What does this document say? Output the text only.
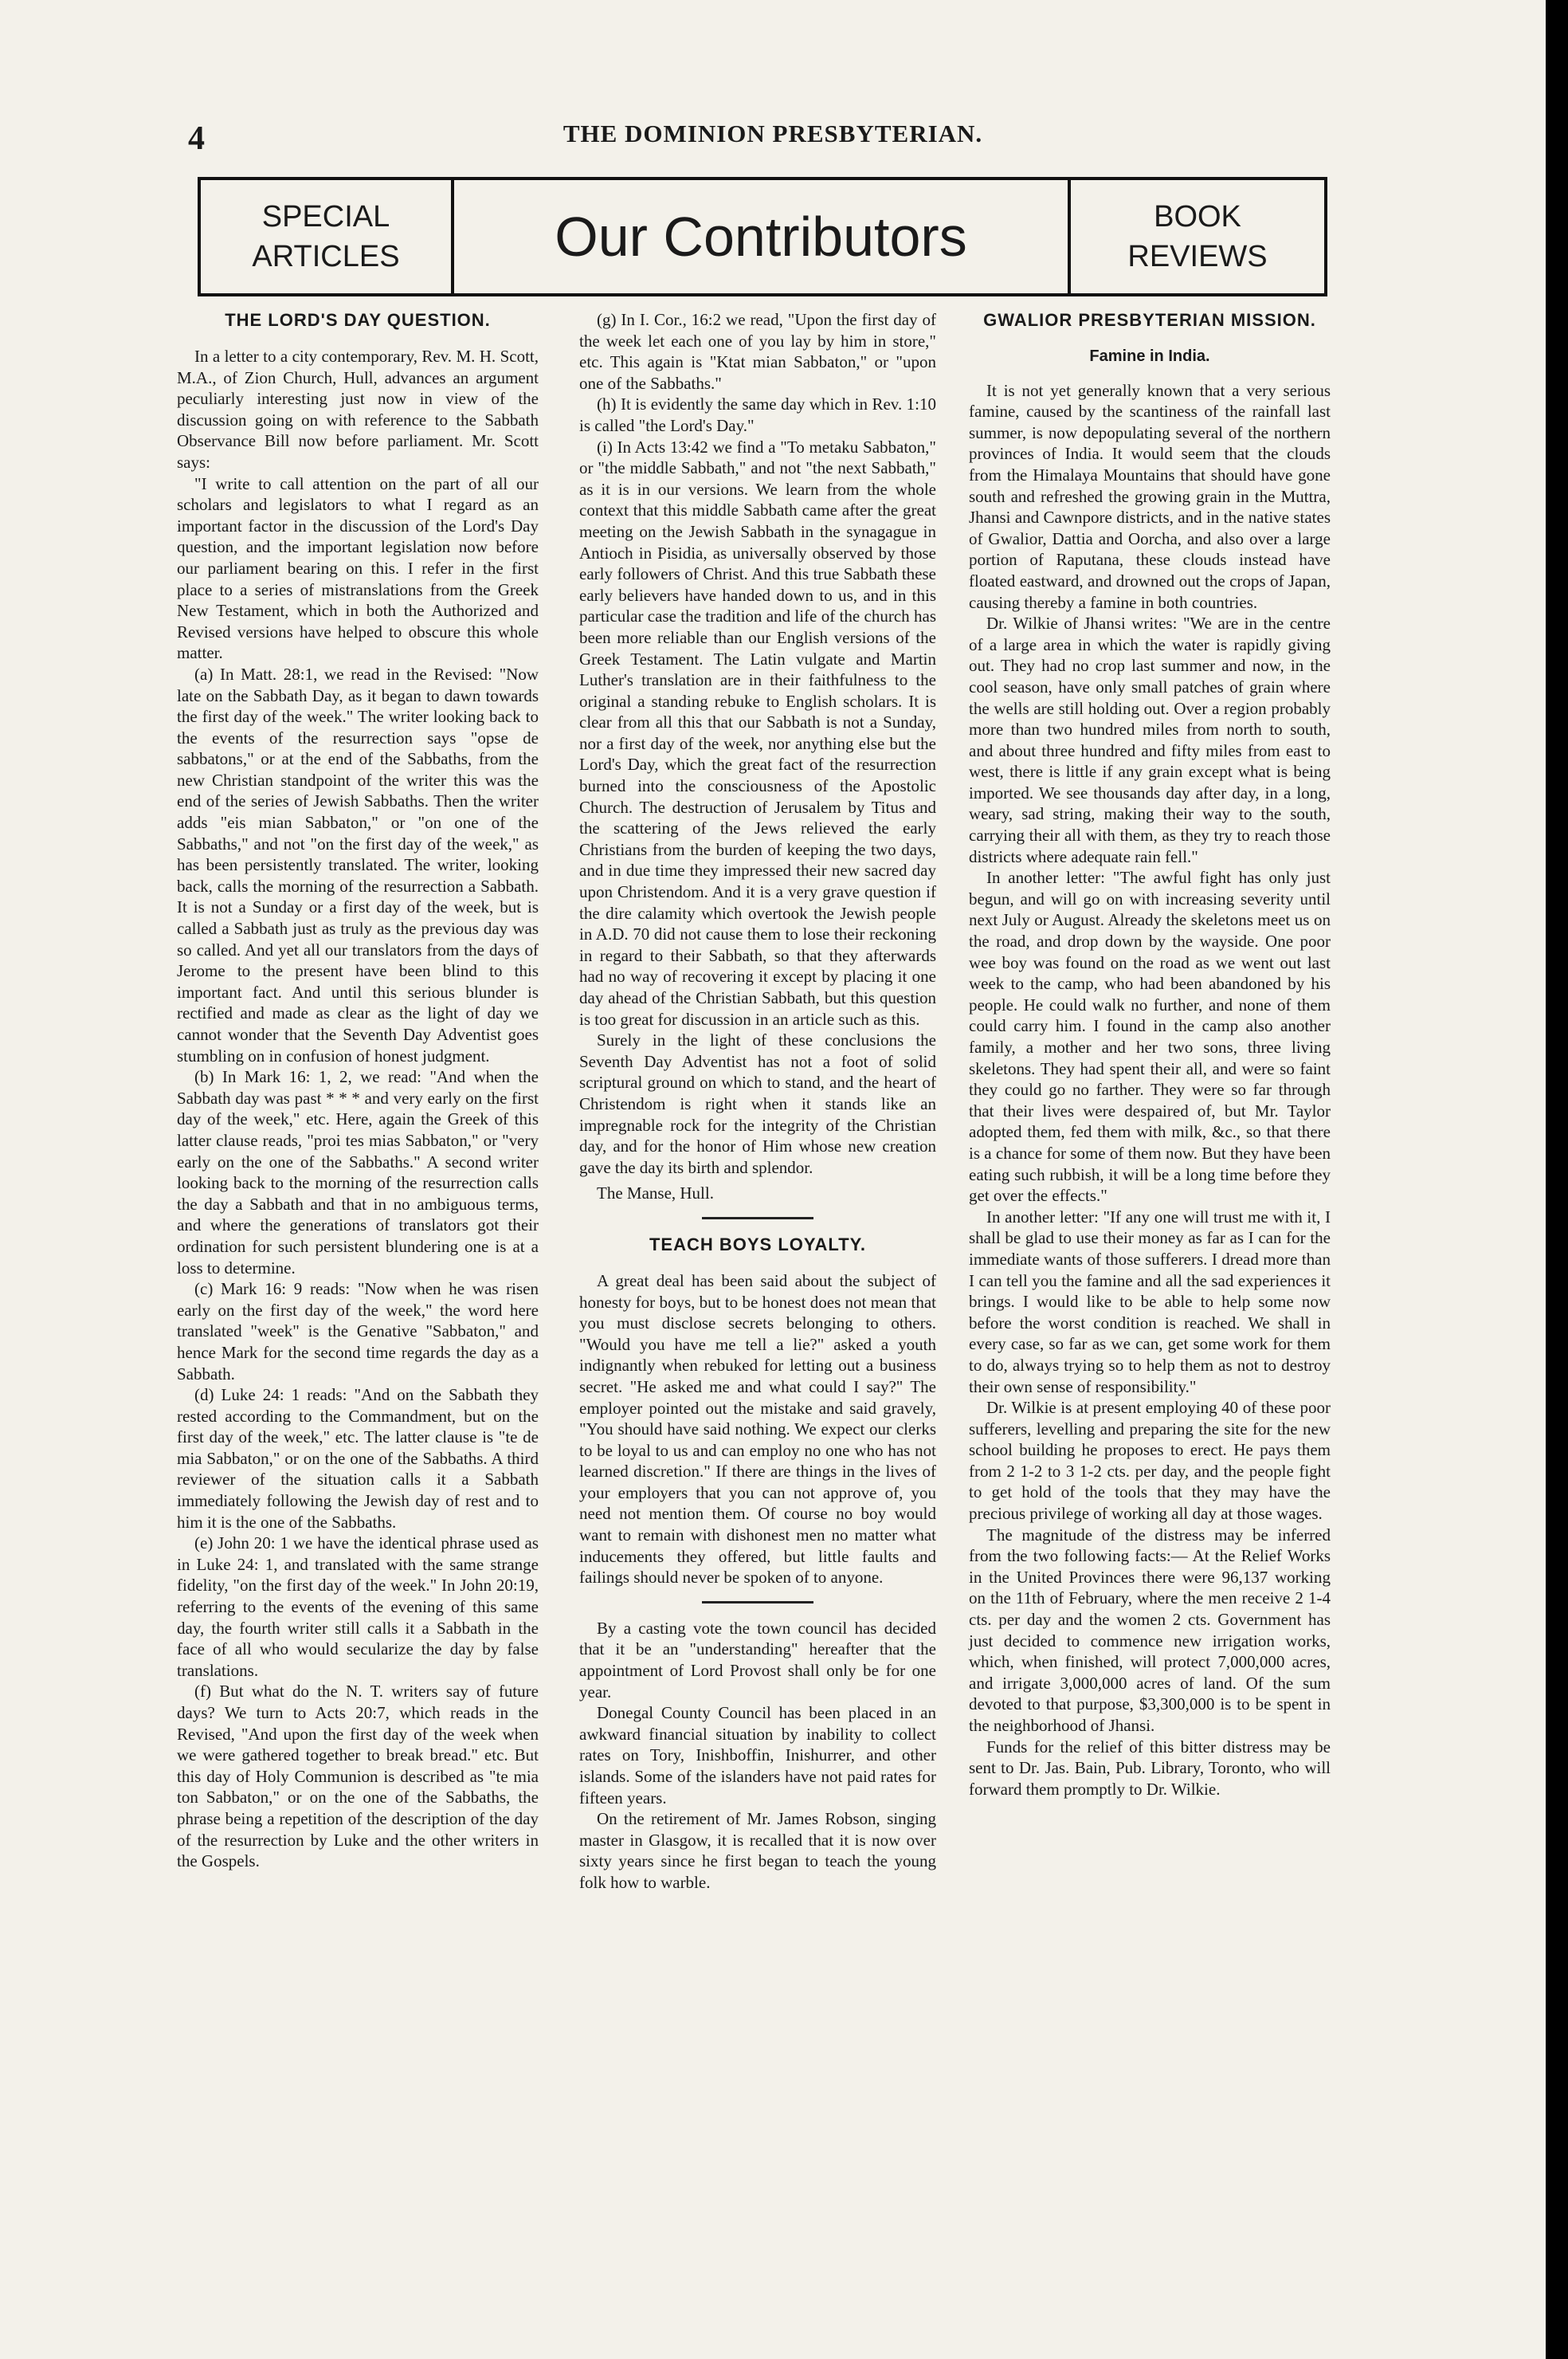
4	THE DOMINION PRESBYTERIAN.
SPECIAL
ARTICLES	Our Contributors	BOOK
REVIEWS
THE LORD'S DAY QUESTION.

In a letter to a city contemporary, Rev. M. H. Scott, M.A., of Zion Church, Hull, advances an argument peculiarly interesting just now in view of the discussion going on with reference to the Sabbath Observance Bill now before parliament. Mr. Scott says:

"I write to call attention on the part of all our scholars and legislators to what I regard as an important factor in the discussion of the Lord's Day question, and the important legislation now before our parliament bearing on this. I refer in the first place to a series of mistranslations from the Greek New Testament, which in both the Authorized and Revised versions have helped to obscure this whole matter.

(a) In Matt. 28:1, we read in the Revised: "Now late on the Sabbath Day, as it began to dawn towards the first day of the week." The writer looking back to the events of the resurrection says "opse de sabbatons," or at the end of the Sabbaths, from the new Christian standpoint of the writer this was the end of the series of Jewish Sabbaths. Then the writer adds "eis mian Sabbaton," or "on one of the Sabbaths," and not "on the first day of the week," as has been persistently translated. The writer, looking back, calls the morning of the resurrection a Sabbath. It is not a Sunday or a first day of the week, but is called a Sabbath just as truly as the previous day was so called. And yet all our translators from the days of Jerome to the present have been blind to this important fact. And until this serious blunder is rectified and made as clear as the light of day we cannot wonder that the Seventh Day Adventist goes stumbling on in confusion of honest judgment.

(b) In Mark 16: 1, 2, we read: "And when the Sabbath day was past * * * and very early on the first day of the week," etc. Here, again the Greek of this latter clause reads, "proi tes mias Sabbaton," or "very early on the one of the Sabbaths." A second writer looking back to the morning of the resurrection calls the day a Sabbath and that in no ambiguous terms, and where the generations of translators got their ordination for such persistent blundering one is at a loss to determine.

(c) Mark 16: 9 reads: "Now when he was risen early on the first day of the week," the word here translated "week" is the Genative "Sabbaton," and hence Mark for the second time regards the day as a Sabbath.

(d) Luke 24: 1 reads: "And on the Sabbath they rested according to the Commandment, but on the first day of the week," etc. The latter clause is "te de mia Sabbaton," or on the one of the Sabbaths. A third reviewer of the situation calls it a Sabbath immediately following the Jewish day of rest and to him it is the one of the Sabbaths.

(e) John 20: 1 we have the identical phrase used as in Luke 24: 1, and translated with the same strange fidelity, "on the first day of the week." In John 20:19, referring to the events of the evening of this same day, the fourth writer still calls it a Sabbath in the face of all who would secularize the day by false translations.

(f) But what do the N. T. writers say of future days? We turn to Acts 20:7, which reads in the Revised, "And upon the first day of the week when we were gathered together to break bread." etc. But this day of Holy Communion is described as "te mia ton Sabbaton," or on the one of the Sabbaths, the phrase being a repetition of the description of the day of the resurrection by Luke and the other writers in the Gospels.

(g) In I. Cor., 16:2 we read, "Upon the first day of the week let each one of you lay by him in store," etc. This again is "Ktat mian Sabbaton," or "upon one of the Sabbaths."

(h) It is evidently the same day which in Rev. 1:10 is called "the Lord's Day."

(i) In Acts 13:42 we find a "To metaku Sabbaton," or "the middle Sabbath," and not "the next Sabbath," as it is in our versions. We learn from the whole context that this middle Sabbath came after the great meeting on the Jewish Sabbath in the synagague in Antioch in Pisidia, as universally observed by those early followers of Christ. And this true Sabbath these early believers have handed down to us, and in this particular case the tradition and life of the church has been more reliable than our English versions of the Greek Testament. The Latin vulgate and Martin Luther's translation are in their faithfulness to the original a standing rebuke to English scholars. It is clear from all this that our Sabbath is not a Sunday, nor a first day of the week, nor anything else but the Lord's Day, which the great fact of the resurrection burned into the consciousness of the Apostolic Church. The destruction of Jerusalem by Titus and the scattering of the Jews relieved the early Christians from the burden of keeping the two days, and in due time they impressed their new sacred day upon Christendom. And it is a very grave question if the dire calamity which overtook the Jewish people in A.D. 70 did not cause them to lose their reckoning in regard to their Sabbath, so that they afterwards had no way of recovering it except by placing it one day ahead of the Christian Sabbath, but this question is too great for discussion in an article such as this.

Surely in the light of these conclusions the Seventh Day Adventist has not a foot of solid scriptural ground on which to stand, and the heart of Christendom is right when it stands like an impregnable rock for the integrity of the Christian day, and for the honor of Him whose new creation gave the day its birth and splendor.

The Manse, Hull.

TEACH BOYS LOYALTY.

A great deal has been said about the subject of honesty for boys, but to be honest does not mean that you must disclose secrets belonging to others. "Would you have me tell a lie?" asked a youth indignantly when rebuked for letting out a business secret. "He asked me and what could I say?" The employer pointed out the mistake and said gravely, "You should have said nothing. We expect our clerks to be loyal to us and can employ no one who has not learned discretion." If there are things in the lives of your employers that you can not approve of, you need not mention them. Of course no boy would want to remain with dishonest men no matter what inducements they offered, but little faults and failings should never be spoken of to anyone.

By a casting vote the town council has decided that it be an "understanding" hereafter that the appointment of Lord Provost shall only be for one year.

Donegal County Council has been placed in an awkward financial situation by inability to collect rates on Tory, Inishboffin, Inishurrer, and other islands. Some of the islanders have not paid rates for fifteen years.

On the retirement of Mr. James Robson, singing master in Glasgow, it is recalled that it is now over sixty years since he first began to teach the young folk how to warble.

GWALIOR PRESBYTERIAN MISSION.
Famine in India.

It is not yet generally known that a very serious famine, caused by the scantiness of the rainfall last summer, is now depopulating several of the northern provinces of India. It would seem that the clouds from the Himalaya Mountains that should have gone south and refreshed the growing grain in the Muttra, Jhansi and Cawnpore districts, and in the native states of Gwalior, Dattia and Oorcha, and also over a large portion of Raputana, these clouds instead have floated eastward, and drowned out the crops of Japan, causing thereby a famine in both countries.

Dr. Wilkie of Jhansi writes: "We are in the centre of a large area in which the water is rapidly giving out. They had no crop last summer and now, in the cool season, have only small patches of grain where the wells are still holding out. Over a region probably more than two hundred miles from north to south, and about three hundred and fifty miles from east to west, there is little if any grain except what is being imported. We see thousands day after day, in a long, weary, sad string, making their way to the south, carrying their all with them, as they try to reach those districts where adequate rain fell."

In another letter: "The awful fight has only just begun, and will go on with increasing severity until next July or August. Already the skeletons meet us on the road, and drop down by the wayside. One poor wee boy was found on the road as we went out last week to the camp, who had been abandoned by his people. He could walk no further, and none of them could carry him. I found in the camp also another family, a mother and her two sons, three living skeletons. They had spent their all, and were so faint they could go no farther. They were so far through that their lives were despaired of, but Mr. Taylor adopted them, fed them with milk, &c., so that there is a chance for some of them now. But they have been eating such rubbish, it will be a long time before they get over the effects."

In another letter: "If any one will trust me with it, I shall be glad to use their money as far as I can for the immediate wants of those sufferers. I dread more than I can tell you the famine and all the sad experiences it brings. I would like to be able to help some now before the worst condition is reached. We shall in every case, so far as we can, get some work for them to do, always trying so to help them as not to destroy their own sense of responsibility."

Dr. Wilkie is at present employing 40 of these poor sufferers, levelling and preparing the site for the new school building he proposes to erect. He pays them from 2 1-2 to 3 1-2 cts. per day, and the people fight to get hold of the tools that they may have the precious privilege of working all day at those wages.

The magnitude of the distress may be inferred from the two following facts:— At the Relief Works in the United Provinces there were 96,137 working on the 11th of February, where the men receive 2 1-4 cts. per day and the women 2 cts. Government has just decided to commence new irrigation works, which, when finished, will protect 7,000,000 acres, and irrigate 3,000,000 acres of land. Of the sum devoted to that purpose, $3,300,000 is to be spent in the neighborhood of Jhansi.

Funds for the relief of this bitter distress may be sent to Dr. Jas. Bain, Pub. Library, Toronto, who will forward them promptly to Dr. Wilkie.
